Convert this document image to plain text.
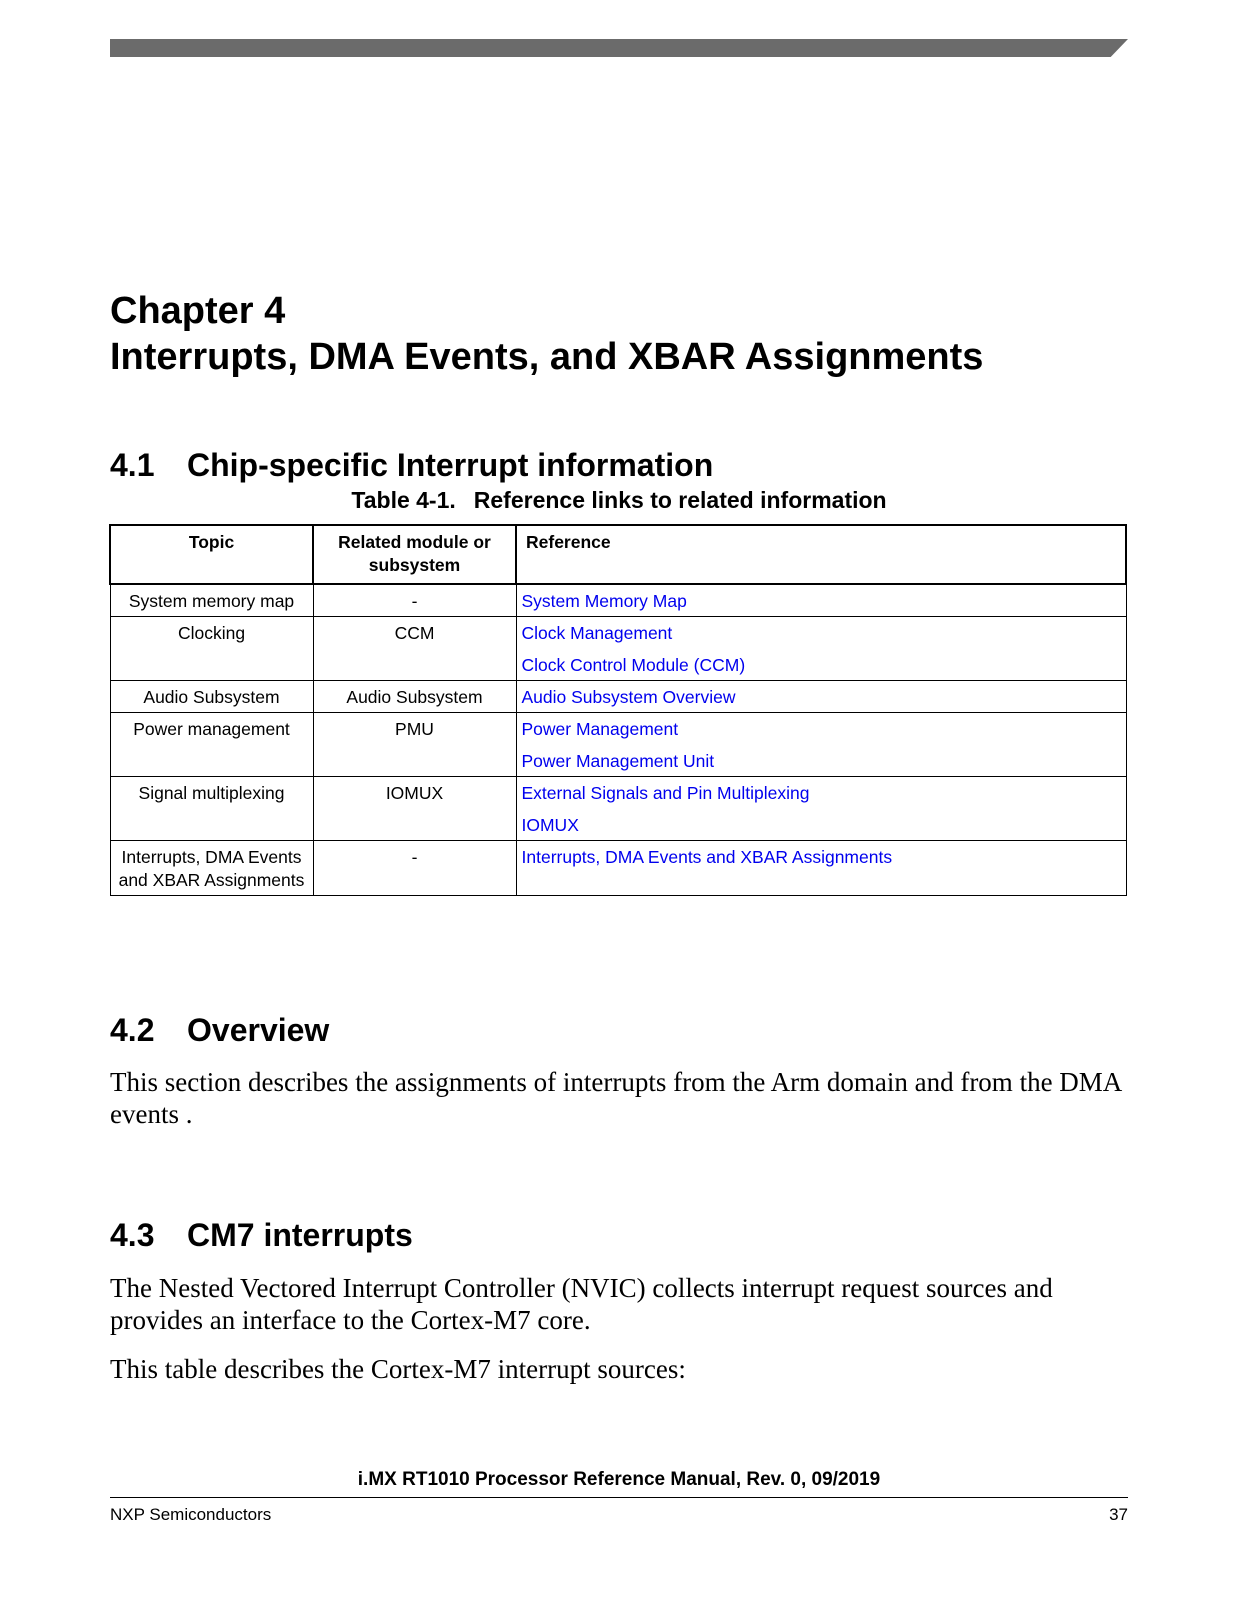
Chapter 4
Interrupts, DMA Events, and XBAR Assignments
4.1 Chip-specific Interrupt information

Table 4-1. Reference links to related information

Topic	Related module or subsystem	Reference
System memory map	-	System Memory Map

Clocking	CCM	Clock Management
Clock Control Module (CCM)

Audio Subsystem	Audio Subsystem	Audio Subsystem Overview

Power management	PMU	Power Management
Power Management Unit

Signal multiplexing	IOMUX	External Signals and Pin Multiplexing
IOMUX

Interrupts, DMA Events and XBAR Assignments	-	Interrupts, DMA Events and XBAR Assignments
4.2 Overview

This section describes the assignments of interrupts from the Arm domain and from the DMA events .

4.3 CM7 interrupts

The Nested Vectored Interrupt Controller (NVIC) collects interrupt request sources and provides an interface to the Cortex-M7 core.

This table describes the Cortex-M7 interrupt sources:

i.MX RT1010 Processor Reference Manual, Rev. 0, 09/2019

NXP Semiconductors	37
